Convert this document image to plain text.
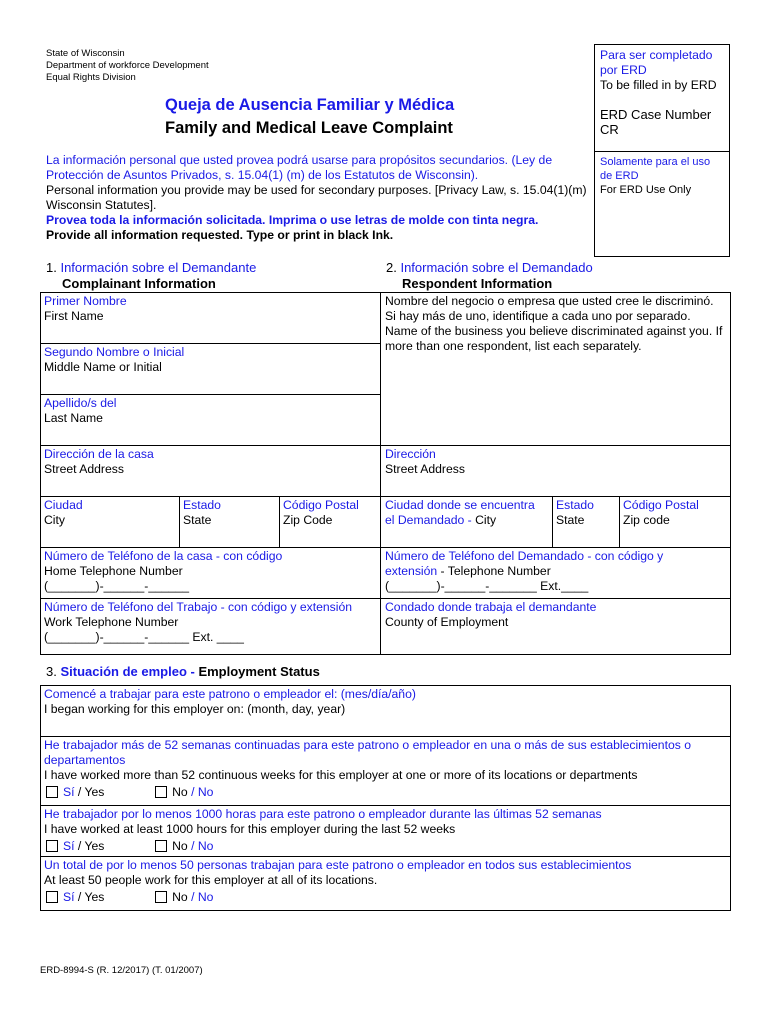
State of Wisconsin
Department of workforce Development
Equal Rights Division
Queja de Ausencia Familiar y Médica
Family and Medical Leave Complaint
La información personal que usted provea podrá usarse para propósitos secundarios. (Ley de Protección de Asuntos Privados, s. 15.04(1) (m) de los Estatutos de Wisconsin).
Personal information you provide may be used for secondary purposes. [Privacy Law, s. 15.04(1)(m) Wisconsin Statutes].
Provea toda la información solicitada. Imprima o use letras de molde con tinta negra.
Provide all information requested. Type or print in black Ink.
Para ser completado
por ERD
To be filled in by ERD
ERD Case Number
CR
Solamente para el uso
de ERD
For ERD Use Only
1. Información sobre el Demandante
Complainant Information
2. Información sobre el Demandado
Respondent Information
Primer Nombre
First Name
Segundo Nombre o Inicial
Middle Name or Initial
Apellido/s del
Last Name
Dirección de la casa
Street Address
Ciudad
City
Estado
State
Código Postal
Zip Code
Número de Teléfono de la casa - con código
Home Telephone Number
(_______)-______-______
Número de Teléfono del Trabajo - con código y extensión
Work Telephone Number
(_______)-______-______ Ext. ____
Nombre del negocio o empresa que usted cree le discriminó. Si hay más de uno, identifique a cada uno por separado.
Name of the business you believe discriminated against you. If more than one respondent, list each separately.
Dirección
Street Address
Ciudad donde se encuentra
el Demandado - City
Estado
State
Código Postal
Zip code
Número de Teléfono del Demandado - con código y
extensión - Telephone Number
(_______)-______-_______ Ext.____
Condado donde trabaja el demandante
County of Employment
3. Situación de empleo - Employment Status
Comencé a trabajar para este patrono o empleador el: (mes/día/año)
I began working for this employer on: (month, day, year)
He trabajador más de 52 semanas continuadas para este patrono o empleador en una o más de sus establecimientos o departamentos
I have worked more than 52 continuous weeks for this employer at one or more of its locations or departments
Sí / Yes	No / No
He trabajador por lo menos 1000 horas para este patrono o empleador durante las últimas 52 semanas
I have worked at least 1000 hours for this employer during the last 52 weeks
Sí / Yes	No / No
Un total de por lo menos 50 personas trabajan para este patrono o empleador en todos sus establecimientos
At least 50 people work for this employer at all of its locations.
Sí / Yes	No / No
ERD-8994-S (R. 12/2017) (T. 01/2007)
